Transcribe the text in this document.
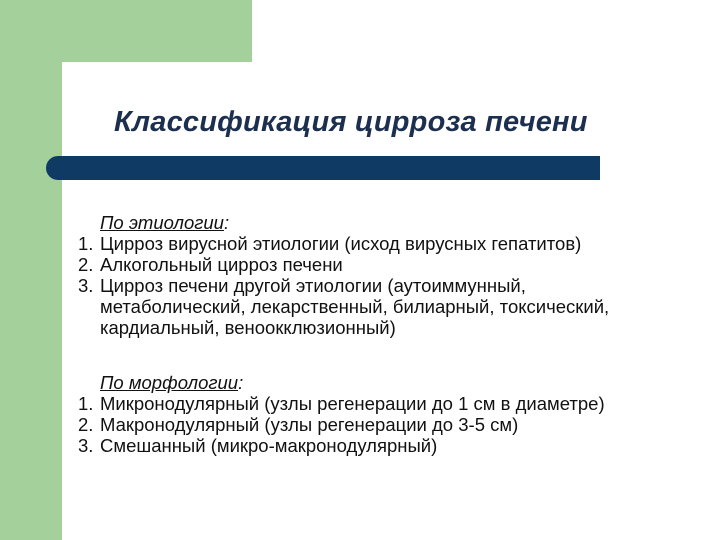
Классификация цирроза печени
По этиологии:
1. Цирроз вирусной этиологии (исход вирусных гепатитов)
2. Алкогольный цирроз печени
3. Цирроз печени другой этиологии (аутоиммунный,
метаболический, лекарственный, билиарный, токсический,
кардиальный, веноокклюзионный)
По морфологии:
1. Микронодулярный (узлы регенерации до 1 см в диаметре)
2. Макронодулярный (узлы регенерации до 3-5 см)
3. Смешанный (микро-макронодулярный)
